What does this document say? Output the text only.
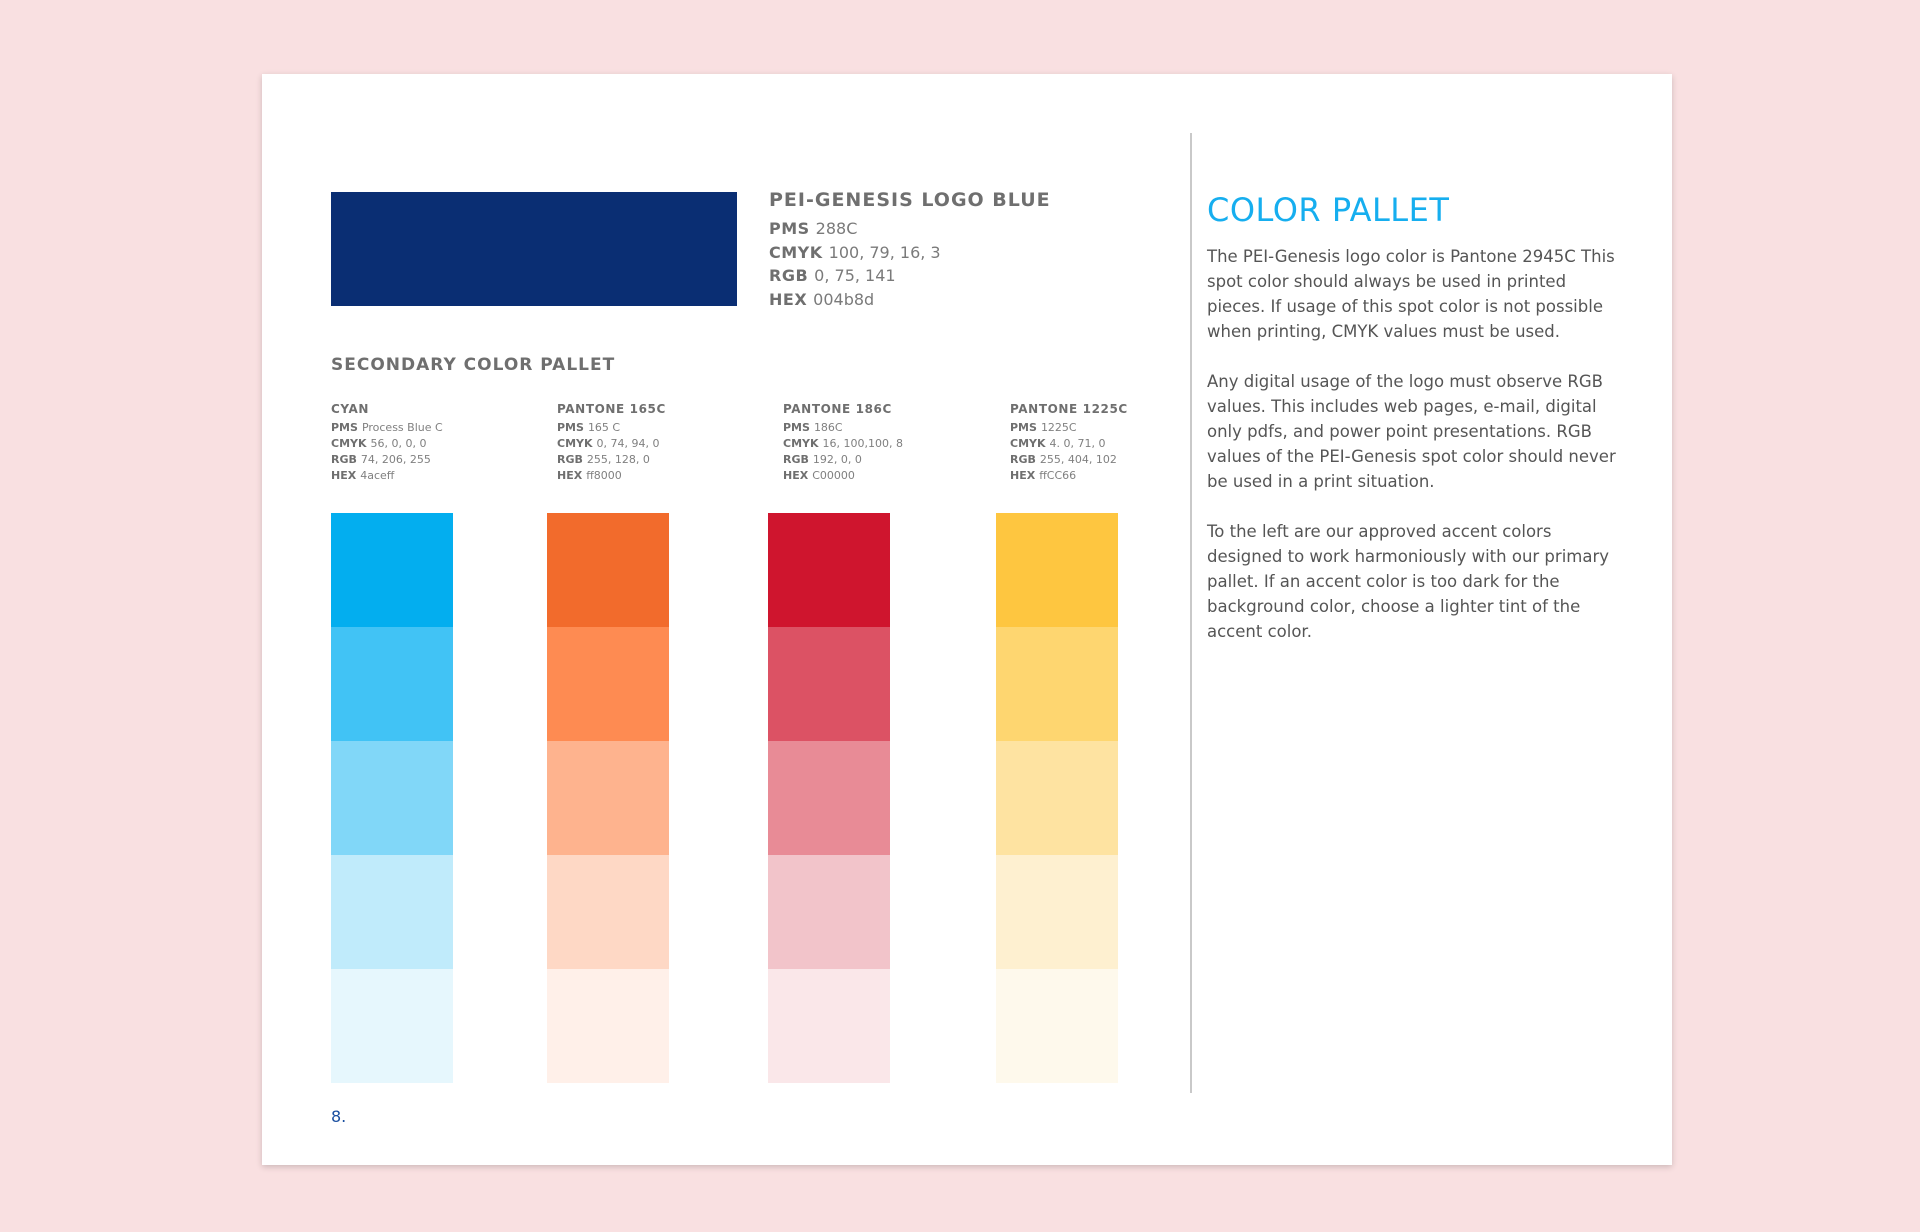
PEI-GENESIS LOGO BLUE
PMS 288C
CMYK 100, 79, 16, 3
RGB 0, 75, 141
HEX 004b8d
SECONDARY COLOR PALLET
CYAN
PMS Process Blue C
CMYK 56, 0, 0, 0
RGB 74, 206, 255
HEX 4aceff
PANTONE 165C
PMS 165 C
CMYK 0, 74, 94, 0
RGB 255, 128, 0
HEX ff8000
PANTONE 186C
PMS 186C
CMYK 16, 100,100, 8
RGB 192, 0, 0
HEX C00000
PANTONE 1225C
PMS 1225C
CMYK 4. 0, 71, 0
RGB 255, 404, 102
HEX ffCC66
8.
COLOR PALLET

The PEI-Genesis logo color is Pantone 2945C This spot color should always be used in printed pieces. If usage of this spot color is not possible when printing, CMYK values must be used.

Any digital usage of the logo must observe RGB values. This includes web pages, e-mail, digital only pdfs, and power point presentations. RGB values of the PEI-Genesis spot color should never be used in a print situation.

To the left are our approved accent colors designed to work harmoniously with our primary pallet. If an accent color is too dark for the background color, choose a lighter tint of the accent color.
